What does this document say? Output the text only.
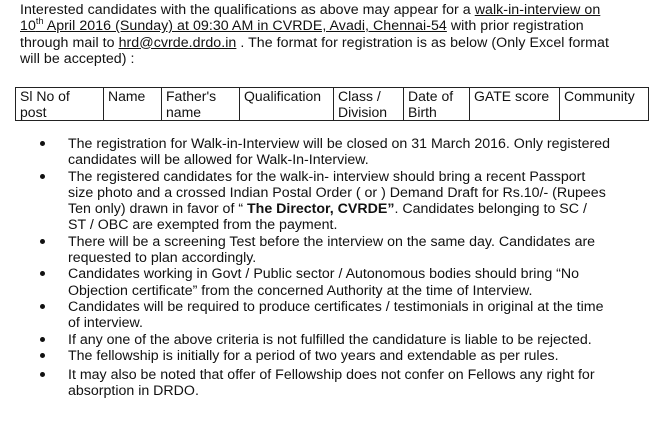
Interested candidates with the qualifications as above may appear for a walk-in-interview on
10th April 2016 (Sunday) at 09:30 AM in CVRDE, Avadi, Chennai-54 with prior registration
through mail to hrd@cvrde.drdo.in . The format for registration is as below (Only Excel format
will be accepted) :
Sl No of post	Name	Father's name	Qualification	Class / Division	Date of Birth	GATE score	Community
The registration for Walk-in-Interview will be closed on 31 March 2016. Only registered
candidates will be allowed for Walk-In-Interview.
The registered candidates for the walk-in- interview should bring a recent Passport
size photo and a crossed Indian Postal Order ( or ) Demand Draft for Rs.10/- (Rupees
Ten only) drawn in favor of “ The Director, CVRDE”. Candidates belonging to SC /
ST / OBC are exempted from the payment.
There will be a screening Test before the interview on the same day. Candidates are
requested to plan accordingly.
Candidates working in Govt / Public sector / Autonomous bodies should bring “No
Objection certificate” from the concerned Authority at the time of Interview.
Candidates will be required to produce certificates / testimonials in original at the time
of interview.
If any one of the above criteria is not fulfilled the candidature is liable to be rejected.
The fellowship is initially for a period of two years and extendable as per rules.
It may also be noted that offer of Fellowship does not confer on Fellows any right for
absorption in DRDO.
